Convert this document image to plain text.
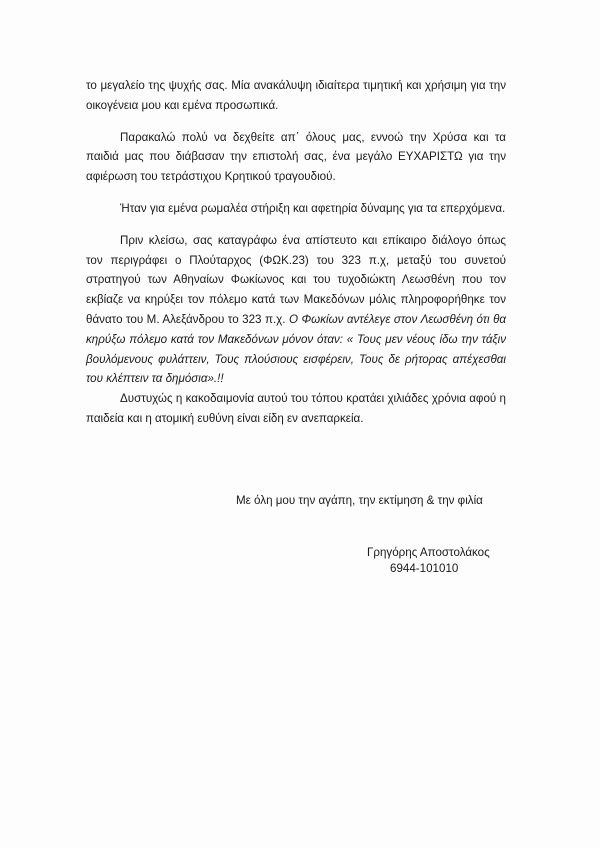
το μεγαλείο της ψυχής σας. Μία ανακάλυψη ιδιαίτερα τιμητική και χρήσιμη για την οικογένεια μου και εμένα προσωπικά.

Παρακαλώ πολύ να δεχθείτε απ΄ όλους μας, εννοώ την Χρύσα και τα παιδιά μας που διάβασαν την επιστολή σας, ένα μεγάλο ΕΥΧΑΡΙΣΤΩ για την αφιέρωση του τετράστιχου Κρητικού τραγουδιού.

Ήταν για εμένα ρωμαλέα στήριξη και αφετηρία δύναμης για τα επερχόμενα.

Πριν κλείσω, σας καταγράφω ένα απίστευτο και επίκαιρο διάλογο όπως τον περιγράφει ο Πλούταρχος (ΦΩΚ.23) του 323 π.χ, μεταξύ του συνετού στρατηγού των Αθηναίων Φωκίωνος και του τυχοδιώκτη Λεωσθένη που τον εκβίαζε να κηρύξει τον πόλεμο κατά των Μακεδόνων μόλις πληροφορήθηκε τον θάνατο του Μ. Αλεξάνδρου το 323 π.χ. Ο Φωκίων αντέλεγε στον Λεωσθένη ότι θα κηρύξω πόλεμο κατά τον Μακεδόνων μόνον όταν: « Τους μεν νέους ίδω την τάξιν βουλόμενους φυλάττειν, Τους πλούσιους εισφέρειν, Τους δε ρήτορας απέχεσθαι του κλέπτειν τα δημόσια».!!

Δυστυχώς η κακοδαιμονία αυτού του τόπου κρατάει χιλιάδες χρόνια αφού η παιδεία και η ατομική ευθύνη είναι είδη εν ανεπαρκεία.

Με όλη μου την αγάπη, την εκτίμηση & την φιλία
Γρηγόρης Αποστολάκος
6944-101010
